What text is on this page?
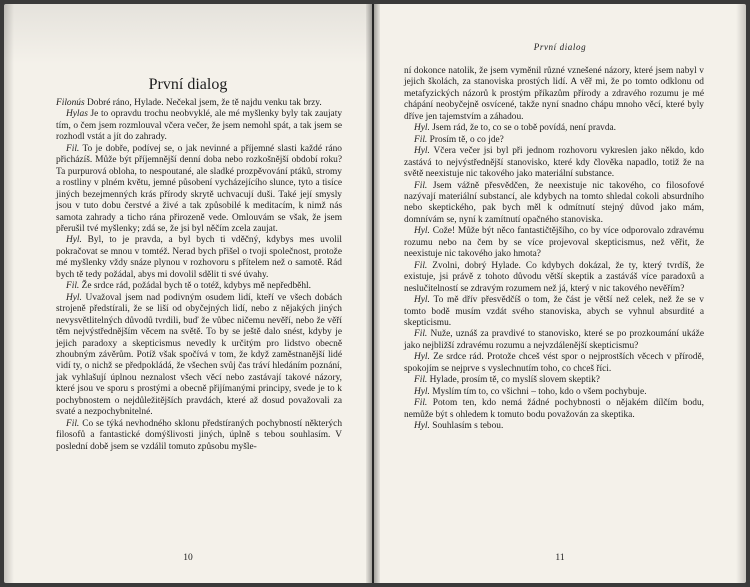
První dialog

Filonús Dobré ráno, Hylade. Nečekal jsem, že tě najdu venku tak brzy.

Hylas Je to opravdu trochu neobvyklé, ale mé myšlenky byly tak zaujaty tím, o čem jsem rozmlouval včera večer, že jsem nemohl spát, a tak jsem se rozhodl vstát a jít do zahrady.

Fil. To je dobře, podívej se, o jak nevinné a příjemné slasti každé ráno přicházíš. Může být příjemnější denní doba nebo rozkošnější období roku? Ta purpurová obloha, to nespoutané, ale sladké prozpěvování ptáků, stromy a rostliny v plném květu, jemné působení vycházejícího slunce, tyto a tisíce jiných bezejmenných krás přírody skrytě uchvacují duši. Také její smysly jsou v tuto dobu čerstvé a živé a tak způsobilé k meditacím, k nimž nás samota zahrady a ticho rána přirozeně vede. Omlouvám se však, že jsem přerušil tvé myšlenky; zdá se, že jsi byl něčím zcela zaujat.

Hyl. Byl, to je pravda, a byl bych ti vděčný, kdybys mes uvolil pokračovat se mnou v tomtéž. Nerad bych přišel o tvoji společnost, protože mé myšlenky vždy snáze plynou v rozhovoru s přítelem než o samotě. Rád bych tě tedy požádal, abys mi dovolil sdělit ti své úvahy.

Fil. Že srdce rád, požádal bych tě o totéž, kdybys mě nepředběhl.

Hyl. Uvažoval jsem nad podivným osudem lidí, kteří ve všech dobách strojeně předstírali, že se liší od obyčejných lidí, nebo z nějakých jiných nevysvětlitelných důvodů tvrdili, buď že vůbec ničemu nevěří, nebo že věří těm nejvýstřednějším věcem na světě. To by se ještě dalo snést, kdyby je jejich paradoxy a skepticismus nevedly k určitým pro lidstvo obecně zhoubným závěrům. Potíž však spočívá v tom, že když zaměstnanější lidé vidí ty, o nichž se předpokládá, že všechen svůj čas tráví hledáním poznání, jak vyhlašují úplnou neznalost všech věcí nebo zastávají takové názory, které jsou ve sporu s prostými a obecně přijímanými principy, svede je to k pochybnostem o nejdůležitějších pravdách, které až dosud považovali za svaté a nezpochybnitelné.

Fil. Co se týká nevhodného sklonu předstíraných pochybností některých filosofů a fantastické domýšlivosti jiných, úplně s tebou souhlasím. V poslední době jsem se vzdálil tomuto způsobu myšle-

10
První dialog

ní dokonce natolik, že jsem vyměnil různé vznešené názory, které jsem nabyl v jejich školách, za stanoviska prostých lidí. A věř mi, že po tomto odklonu od metafyzických názorů k prostým příkazům přírody a zdravého rozumu je mé chápání neobyčejně osvícené, takže nyní snadno chápu mnoho věcí, které byly dříve jen tajemstvím a záhadou.

Hyl. Jsem rád, že to, co se o tobě povídá, není pravda.

Fil. Prosím tě, o co jde?

Hyl. Včera večer jsi byl při jednom rozhovoru vykreslen jako někdo, kdo zastává to nejvýstřednější stanovisko, které kdy člověka napadlo, totiž že na světě neexistuje nic takového jako materiální substance.

Fil. Jsem vážně přesvědčen, že neexistuje nic takového, co filosofové nazývají materiální substancí, ale kdybych na tomto shledal cokoli absurdního nebo skeptického, pak bych měl k odmítnutí stejný důvod jako mám, domnívám se, nyní k zamítnutí opačného stanoviska.

Hyl. Cože! Může být něco fantastičtějšího, co by více odporovalo zdravému rozumu nebo na čem by se více projevoval skepticismus, než věřit, že neexistuje nic takového jako hmota?

Fil. Zvolni, dobrý Hylade. Co kdybych dokázal, že ty, který tvrdíš, že existuje, jsi právě z tohoto důvodu větší skeptik a zastáváš více paradoxů a neslučitelností se zdravým rozumem než já, který v nic takového nevěřím?

Hyl. To mě dřív přesvědčíš o tom, že část je větší než celek, než že se v tomto bodě musím vzdát svého stanoviska, abych se vyhnul absurdité a skepticismu.

Fil. Nuže, uznáš za pravdivé to stanovisko, které se po prozkoumání ukáže jako nejbližší zdravému rozumu a nejvzdálenější skepticismu?

Hyl. Ze srdce rád. Protože chceš vést spor o nejprostších věcech v přírodě, spokojím se nejprve s vyslechnutím toho, co chceš říci.

Fil. Hylade, prosím tě, co myslíš slovem skeptik?

Hyl. Myslím tím to, co všichni – toho, kdo o všem pochybuje.

Fil. Potom ten, kdo nemá žádné pochybnosti o nějakém dílčím bodu, nemůže být s ohledem k tomuto bodu považován za skeptika.

Hyl. Souhlasím s tebou.

11
